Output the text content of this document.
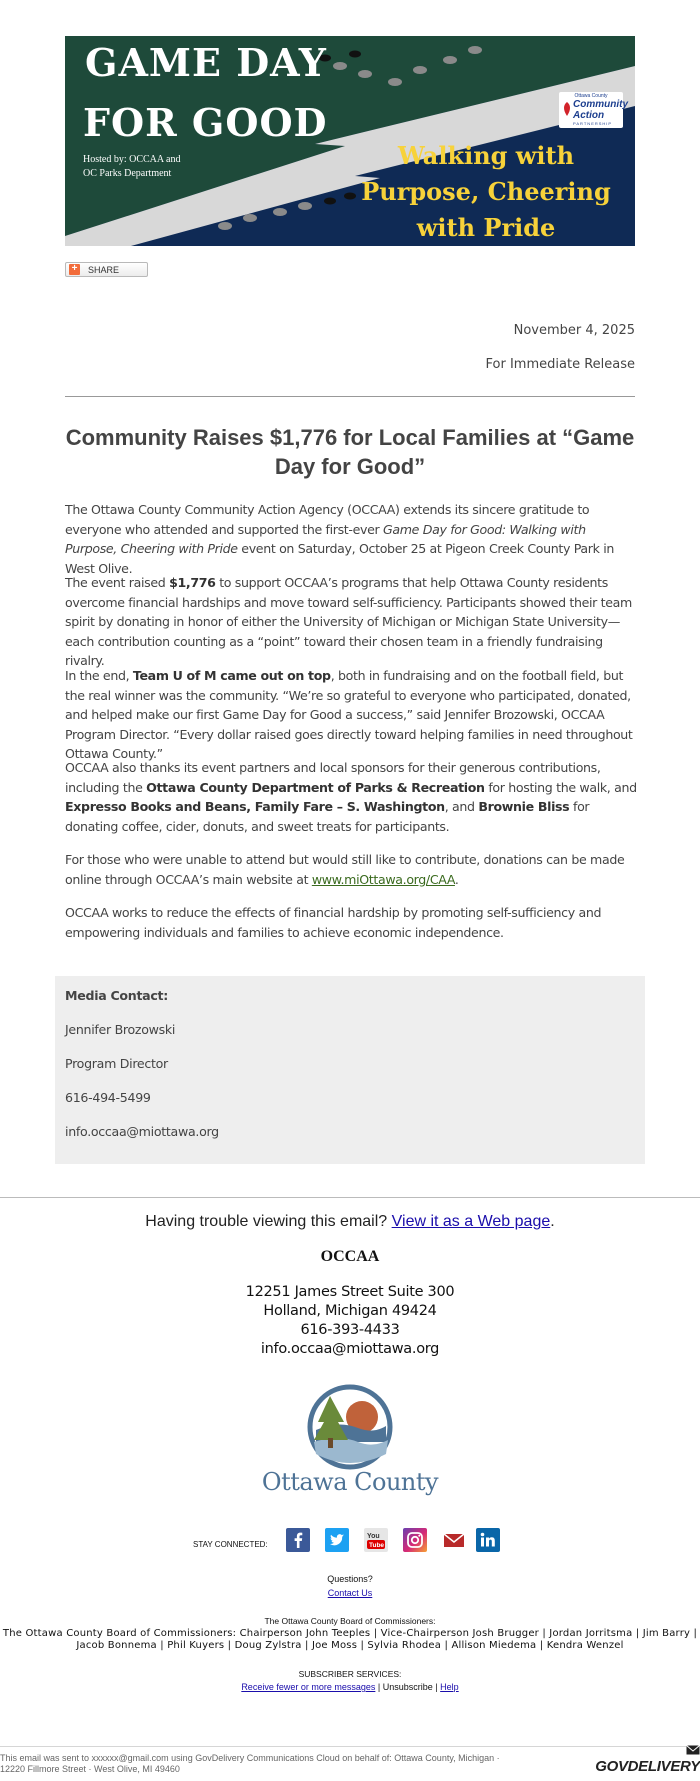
GAME DAY
FOR GOOD
Hosted by: OCCAA and
OC Parks Department
Walking with
Purpose, Cheering
with Pride
Ottawa County
Community
Action
PARTNERSHIP
+ SHARE
November 4, 2025
For Immediate Release
Community Raises $1,776 for Local Families at “Game
Day for Good”

The Ottawa County Community Action Agency (OCCAA) extends its sincere gratitude to everyone who attended and supported the first-ever Game Day for Good: Walking with Purpose, Cheering with Pride event on Saturday, October 25 at Pigeon Creek County Park in West Olive.

The event raised $1,776 to support OCCAA’s programs that help Ottawa County residents overcome financial hardships and move toward self-sufficiency. Participants showed their team spirit by donating in honor of either the University of Michigan or Michigan State University—each contribution counting as a “point” toward their chosen team in a friendly fundraising rivalry.

In the end, Team U of M came out on top, both in fundraising and on the football field, but the real winner was the community. “We’re so grateful to everyone who participated, donated, and helped make our first Game Day for Good a success,” said Jennifer Brozowski, OCCAA Program Director. “Every dollar raised goes directly toward helping families in need throughout Ottawa County.”

OCCAA also thanks its event partners and local sponsors for their generous contributions, including the Ottawa County Department of Parks & Recreation for hosting the walk, and Expresso Books and Beans, Family Fare – S. Washington, and Brownie Bliss for donating coffee, cider, donuts, and sweet treats for participants.

For those who were unable to attend but would still like to contribute, donations can be made online through OCCAA’s main website at www.miOttawa.org/CAA.

OCCAA works to reduce the effects of financial hardship by promoting self-sufficiency and empowering individuals and families to achieve economic independence.

Media Contact:
Jennifer Brozowski
Program Director
616-494-5499
info.occaa@miottawa.org
Having trouble viewing this email? View it as a Web page.
OCCAA
12251 James Street Suite 300
Holland, Michigan 49424
616-393-4433
info.occaa@miottawa.org
Ottawa County
STAY CONNECTED:
You
Tube
Questions?
Contact Us
The Ottawa County Board of Commissioners:
The Ottawa County Board of Commissioners: Chairperson John Teeples | Vice-Chairperson Josh Brugger | Jordan Jorritsma | Jim Barry |
Jacob Bonnema | Phil Kuyers | Doug Zylstra | Joe Moss | Sylvia Rhodea | Allison Miedema | Kendra Wenzel
SUBSCRIBER SERVICES:
Receive fewer or more messages | Unsubscribe | Help
This email was sent to xxxxxx@gmail.com using GovDelivery Communications Cloud on behalf of: Ottawa County, Michigan ·
12220 Fillmore Street · West Olive, MI 49460	GOVDELIVERY
